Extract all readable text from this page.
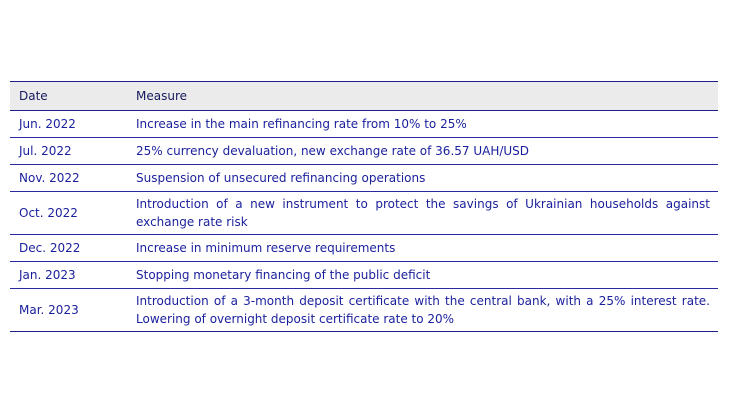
Date	Measure
Jun. 2022	Increase in the main refinancing rate from 10% to 25%
Jul. 2022	25% currency devaluation, new exchange rate of 36.57 UAH/USD
Nov. 2022	Suspension of unsecured refinancing operations
Oct. 2022	Introduction of a new instrument to protect the savings of Ukrainian households against exchange rate risk
Dec. 2022	Increase in minimum reserve requirements
Jan. 2023	Stopping monetary financing of the public deficit
Mar. 2023	Introduction of a 3-month deposit certificate with the central bank, with a 25% interest rate. Lowering of overnight deposit certificate rate to 20%
